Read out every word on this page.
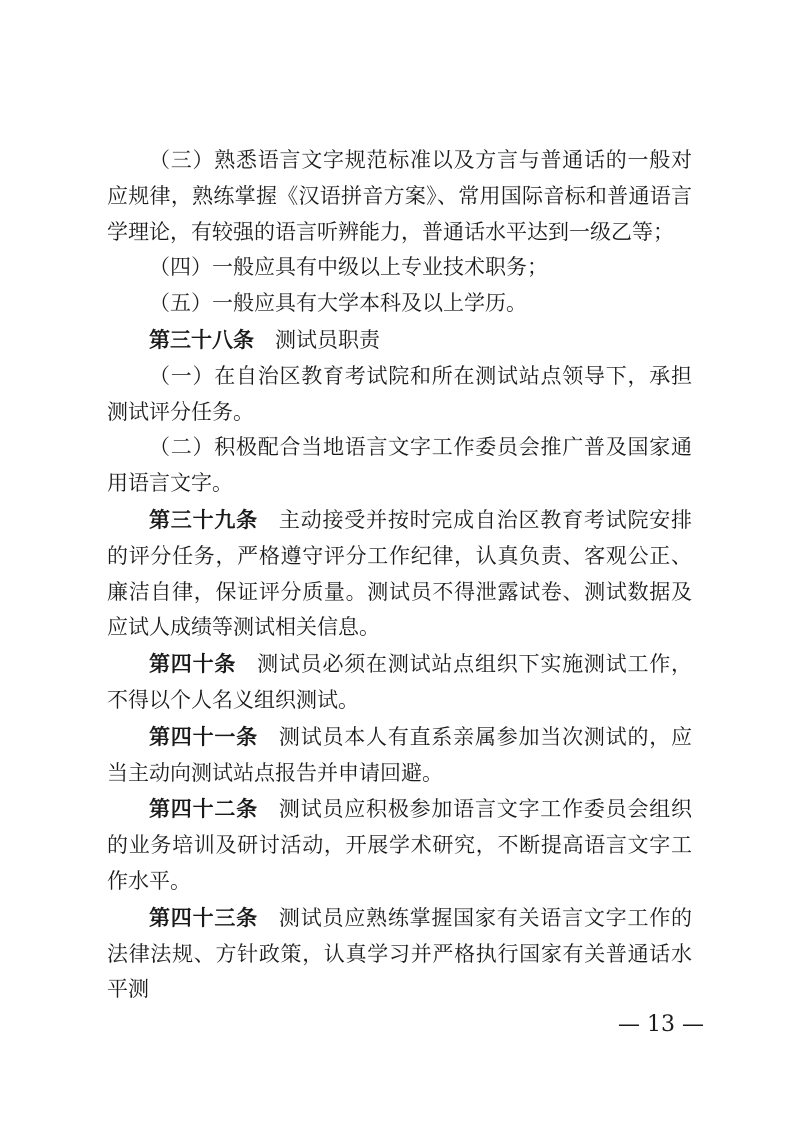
（三）熟悉语言文字规范标准以及方言与普通话的一般对应规律，熟练掌握《汉语拼音方案》、常用国际音标和普通语言学理论，有较强的语言听辨能力，普通话水平达到一级乙等；

（四）一般应具有中级以上专业技术职务；

（五）一般应具有大学本科及以上学历。

第三十八条 测试员职责

（一）在自治区教育考试院和所在测试站点领导下，承担测试评分任务。

（二）积极配合当地语言文字工作委员会推广普及国家通用语言文字。

第三十九条 主动接受并按时完成自治区教育考试院安排的评分任务，严格遵守评分工作纪律，认真负责、客观公正、廉洁自律，保证评分质量。测试员不得泄露试卷、测试数据及应试人成绩等测试相关信息。

第四十条 测试员必须在测试站点组织下实施测试工作，不得以个人名义组织测试。

第四十一条 测试员本人有直系亲属参加当次测试的，应当主动向测试站点报告并申请回避。

第四十二条 测试员应积极参加语言文字工作委员会组织的业务培训及研讨活动，开展学术研究，不断提高语言文字工作水平。

第四十三条 测试员应熟练掌握国家有关语言文字工作的法律法规、方针政策，认真学习并严格执行国家有关普通话水平测

— 13 —
